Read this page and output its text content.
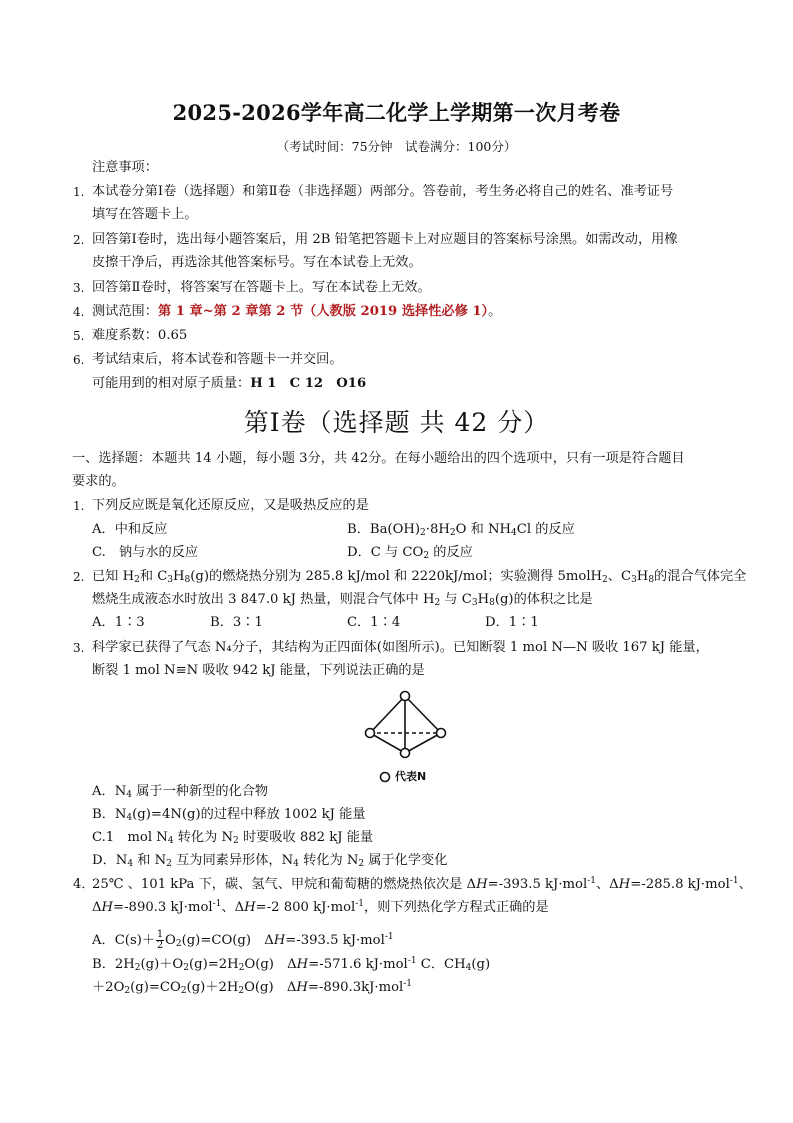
2025-2026学年高二化学上学期第一次月考卷
（考试时间：75分钟　试卷满分：100分）
注意事项：
1. 本试卷分第Ⅰ卷（选择题）和第Ⅱ卷（非选择题）两部分。答卷前，考生务必将自己的姓名、准考证号
填写在答题卡上。
2. 回答第Ⅰ卷时，选出每小题答案后，用 2B 铅笔把答题卡上对应题目的答案标号涂黑。如需改动，用橡
皮擦干净后，再选涂其他答案标号。写在本试卷上无效。
3. 回答第Ⅱ卷时，将答案写在答题卡上。写在本试卷上无效。
4. 测试范围：第 1 章~第 2 章第 2 节（人教版 2019 选择性必修 1）。
5. 难度系数：0.65
6. 考试结束后，将本试卷和答题卡一并交回。
可能用到的相对原子质量：H 1　C 12　O16
第Ⅰ卷（选择题 共 42 分）
一、选择题：本题共 14 小题，每小题 3分，共 42分。在每小题给出的四个选项中，只有一项是符合题目
要求的。
1. 下列反应既是氧化还原反应，又是吸热反应的是
A．中和反应	B．$Ba(OH)_2\cdot 8H_2O$ 和 $NH_4Cl$ 的反应
C.　钠与水的反应	D．C 与 $CO_2$ 的反应
2. 已知 $H_2$和 $C_3H_8(g)$的燃烧热分别为 285.8 kJ/mol 和 2220kJ/mol；实验测得 5molH$_2$、$C_3H_8$的混合气体完全
燃烧生成液态水时放出 3 847.0 kJ 热量，则混合气体中 $H_2$ 与 $C_3H_8(g)$的体积之比是
A．1∶3	B．3∶1	C．1∶4	D．1∶1
3. 科学家已获得了气态 N₄分子，其结构为正四面体(如图所示)。已知断裂 1 mol N—N 吸收 167 kJ 能量，
断裂 1 mol N≡N 吸收 942 kJ 能量，下列说法正确的是
代表N
A．$N_4$ 属于一种新型的化合物
B．$N_4(g)=4N(g)$的过程中释放 1002 kJ 能量
C.1　mol $N_4$ 转化为 $N_2$ 时要吸收 882 kJ 能量
D．$N_4$ 和 $N_2$ 互为同素异形体，$N_4$ 转化为 $N_2$ 属于化学变化
4．
25℃ 、101 kPa 下，碳、氢气、甲烷和葡萄糖的燃烧热依次是 ΔH=-393.5 kJ·mol$^{-1}$、ΔH=-285.8 kJ·mol$^{-1}$、
ΔH=-890.3 kJ·mol$^{-1}$、ΔH=-2 800 kJ·mol$^{-1}$，则下列热化学方程式正确的是
A．$C(s)+ \frac{1}{2} O_2(g)=CO(g)$　ΔH=-393.5 kJ·mol$^{-1}$
B．$2H_2(g)+O_2(g)=2H_2O(g)$　ΔH=-571.6 kJ·mol$^{-1}$ C．$CH_4(g)$
$+2O_2(g)=CO_2(g)+2H_2O(g)$　ΔH=-890.3kJ·mol$^{-1}$
